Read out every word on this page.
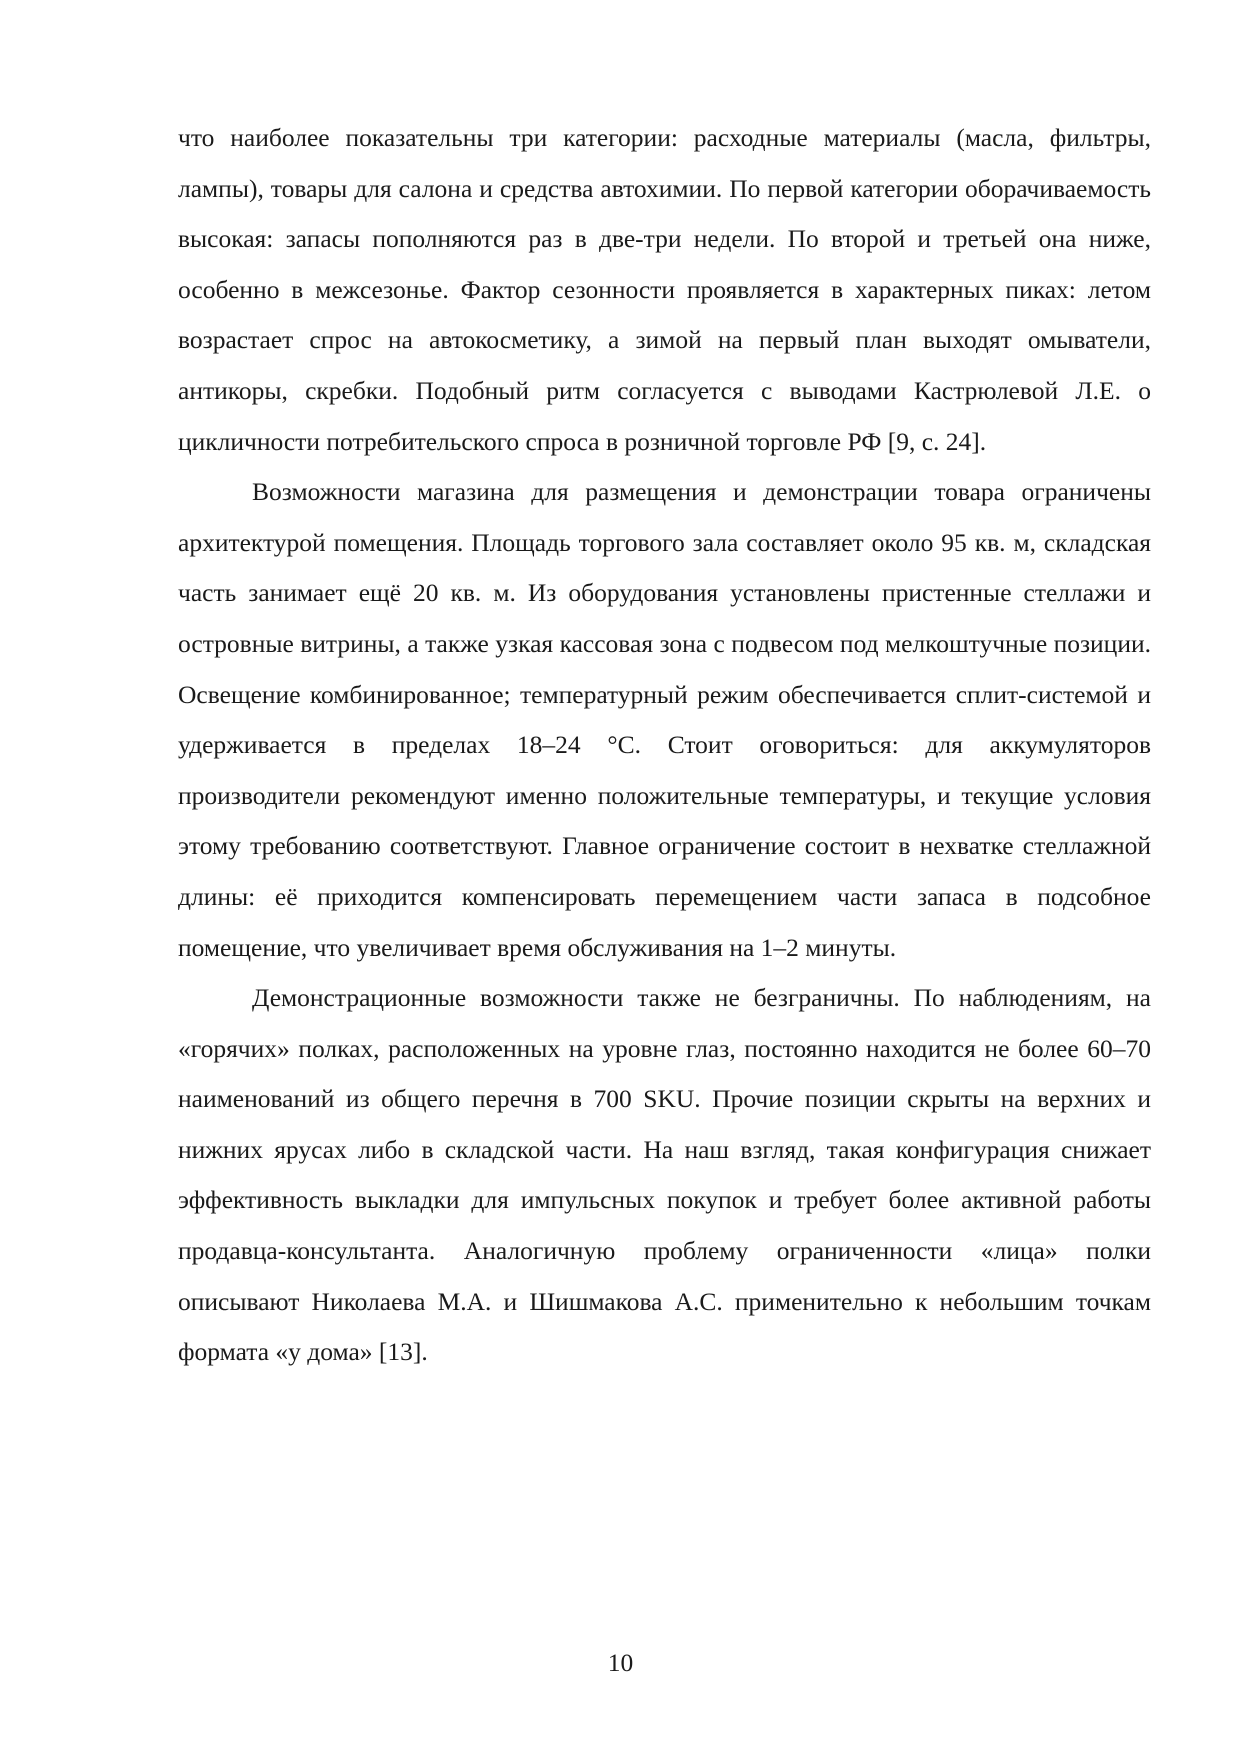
что наиболее показательны три категории: расходные материалы (масла, фильтры, лампы), товары для салона и средства автохимии. По первой категории оборачиваемость высокая: запасы пополняются раз в две-три недели. По второй и третьей она ниже, особенно в межсезонье. Фактор сезонности проявляется в характерных пиках: летом возрастает спрос на автокосметику, а зимой на первый план выходят омыватели, антикоры, скребки. Подобный ритм согласуется с выводами Кастрюлевой Л.Е. о цикличности потребительского спроса в розничной торговле РФ [9, с. 24].

Возможности магазина для размещения и демонстрации товара ограничены архитектурой помещения. Площадь торгового зала составляет около 95 кв. м, складская часть занимает ещё 20 кв. м. Из оборудования установлены пристенные стеллажи и островные витрины, а также узкая кассовая зона с подвесом под мелкоштучные позиции. Освещение комбинированное; температурный режим обеспечивается сплит-системой и удерживается в пределах 18–24 °С. Стоит оговориться: для аккумуляторов производители рекомендуют именно положительные температуры, и текущие условия этому требованию соответствуют. Главное ограничение состоит в нехватке стеллажной длины: её приходится компенсировать перемещением части запаса в подсобное помещение, что увеличивает время обслуживания на 1–2 минуты.

Демонстрационные возможности также не безграничны. По наблюдениям, на «горячих» полках, расположенных на уровне глаз, постоянно находится не более 60–70 наименований из общего перечня в 700 SKU. Прочие позиции скрыты на верхних и нижних ярусах либо в складской части. На наш взгляд, такая конфигурация снижает эффективность выкладки для импульсных покупок и требует более активной работы продавца-консультанта. Аналогичную проблему ограниченности «лица» полки описывают Николаева М.А. и Шишмакова А.С. применительно к небольшим точкам формата «у дома» [13].

10
